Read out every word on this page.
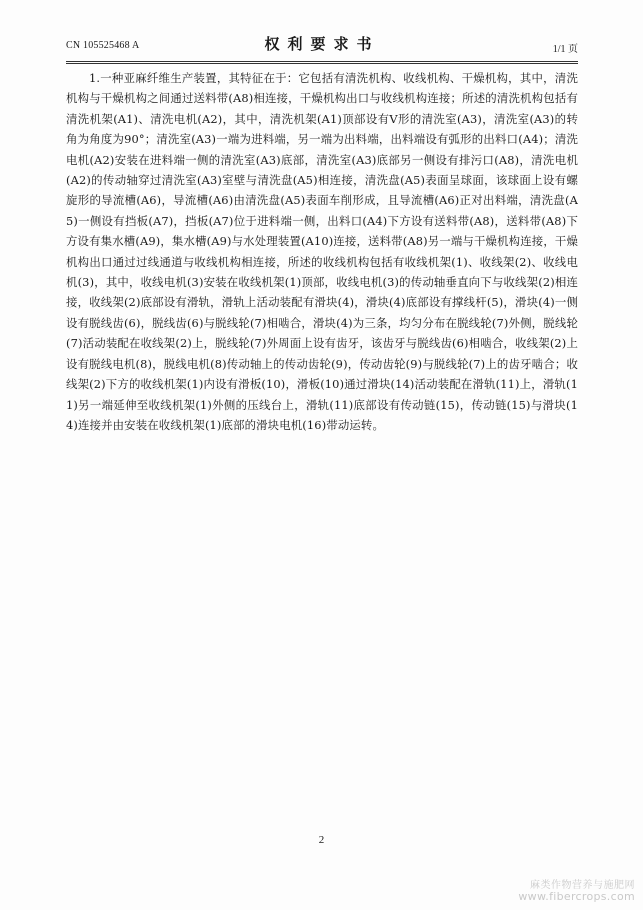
CN 105525468 A	权利要求书	1/1 页

1.一种亚麻纤维生产装置，其特征在于：它包括有清洗机构、收线机构、干燥机构，其中，清洗机构与干燥机构之间通过送料带(A8)相连接，干燥机构出口与收线机构连接；所述的清洗机构包括有清洗机架(A1)、清洗电机(A2)，其中，清洗机架(A1)顶部设有V形的清洗室(A3)，清洗室(A3)的转角为角度为90°；清洗室(A3)一端为进料端，另一端为出料端，出料端设有弧形的出料口(A4)；清洗电机(A2)安装在进料端一侧的清洗室(A3)底部，清洗室(A3)底部另一侧设有排污口(A8)，清洗电机(A2)的传动轴穿过清洗室(A3)室壁与清洗盘(A5)相连接，清洗盘(A5)表面呈球面，该球面上设有螺旋形的导流槽(A6)，导流槽(A6)由清洗盘(A5)表面车削形成，且导流槽(A6)正对出料端，清洗盘(A5)一侧设有挡板(A7)，挡板(A7)位于进料端一侧，出料口(A4)下方设有送料带(A8)，送料带(A8)下方设有集水槽(A9)，集水槽(A9)与水处理装置(A10)连接，送料带(A8)另一端与干燥机构连接，干燥机构出口通过过线通道与收线机构相连接，所述的收线机构包括有收线机架(1)、收线架(2)、收线电机(3)，其中，收线电机(3)安装在收线机架(1)顶部，收线电机(3)的传动轴垂直向下与收线架(2)相连接，收线架(2)底部设有滑轨，滑轨上活动装配有滑块(4)，滑块(4)底部设有撑线杆(5)，滑块(4)一侧设有脱线齿(6)，脱线齿(6)与脱线轮(7)相啮合，滑块(4)为三条，均匀分布在脱线轮(7)外侧，脱线轮(7)活动装配在收线架(2)上，脱线轮(7)外周面上设有齿牙，该齿牙与脱线齿(6)相啮合，收线架(2)上设有脱线电机(8)，脱线电机(8)传动轴上的传动齿轮(9)，传动齿轮(9)与脱线轮(7)上的齿牙啮合；收线架(2)下方的收线机架(1)内设有滑板(10)，滑板(10)通过滑块(14)活动装配在滑轨(11)上，滑轨(11)另一端延伸至收线机架(1)外侧的压线台上，滑轨(11)底部设有传动链(15)，传动链(15)与滑块(14)连接并由安装在收线机架(1)底部的滑块电机(16)带动运转。

2
麻类作物营养与施肥网
www.fibercrops.com
